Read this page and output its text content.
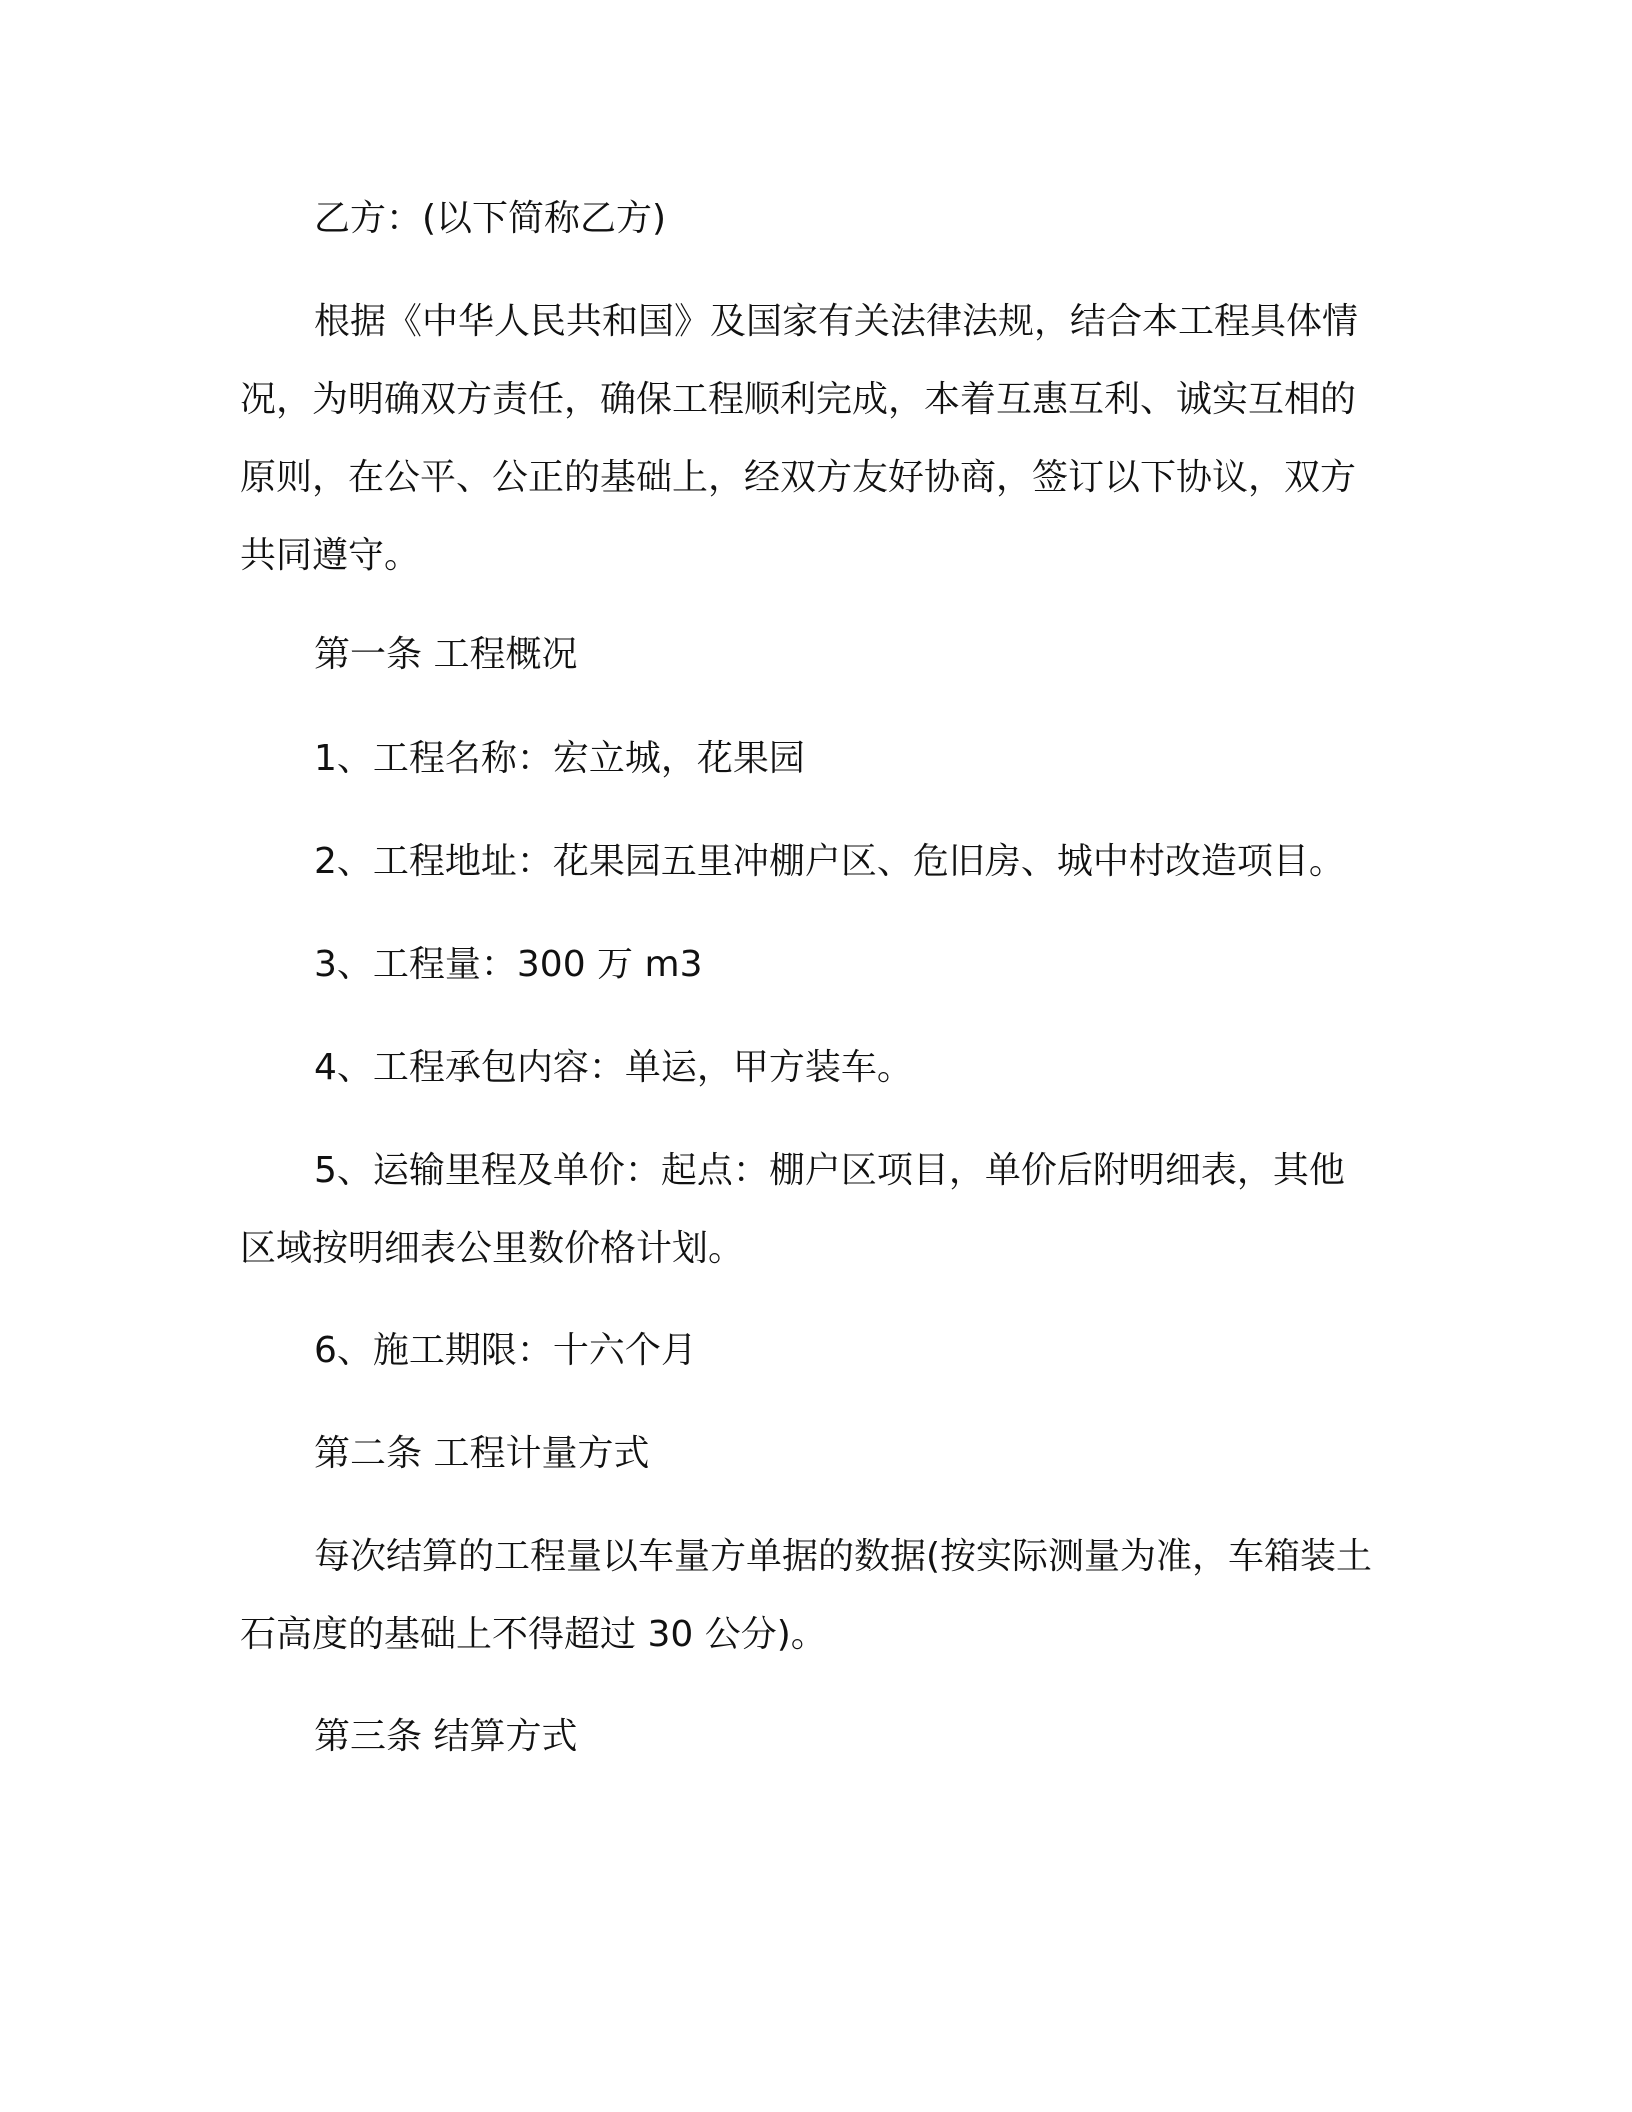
乙方：(以下简称乙方)

根据《中华人民共和国》及国家有关法律法规，结合本工程具体情况，为明确双方责任，确保工程顺利完成，本着互惠互利、诚实互相的原则，在公平、公正的基础上，经双方友好协商，签订以下协议，双方共同遵守。

第一条 工程概况

1、工程名称：宏立城，花果园

2、工程地址：花果园五里冲棚户区、危旧房、城中村改造项目。

3、工程量：300 万 m3

4、工程承包内容：单运，甲方装车。

5、运输里程及单价：起点：棚户区项目，单价后附明细表，其他区域按明细表公里数价格计划。

6、施工期限：十六个月

第二条 工程计量方式

每次结算的工程量以车量方单据的数据(按实际测量为准，车箱装土石高度的基础上不得超过 30 公分)。

第三条 结算方式
